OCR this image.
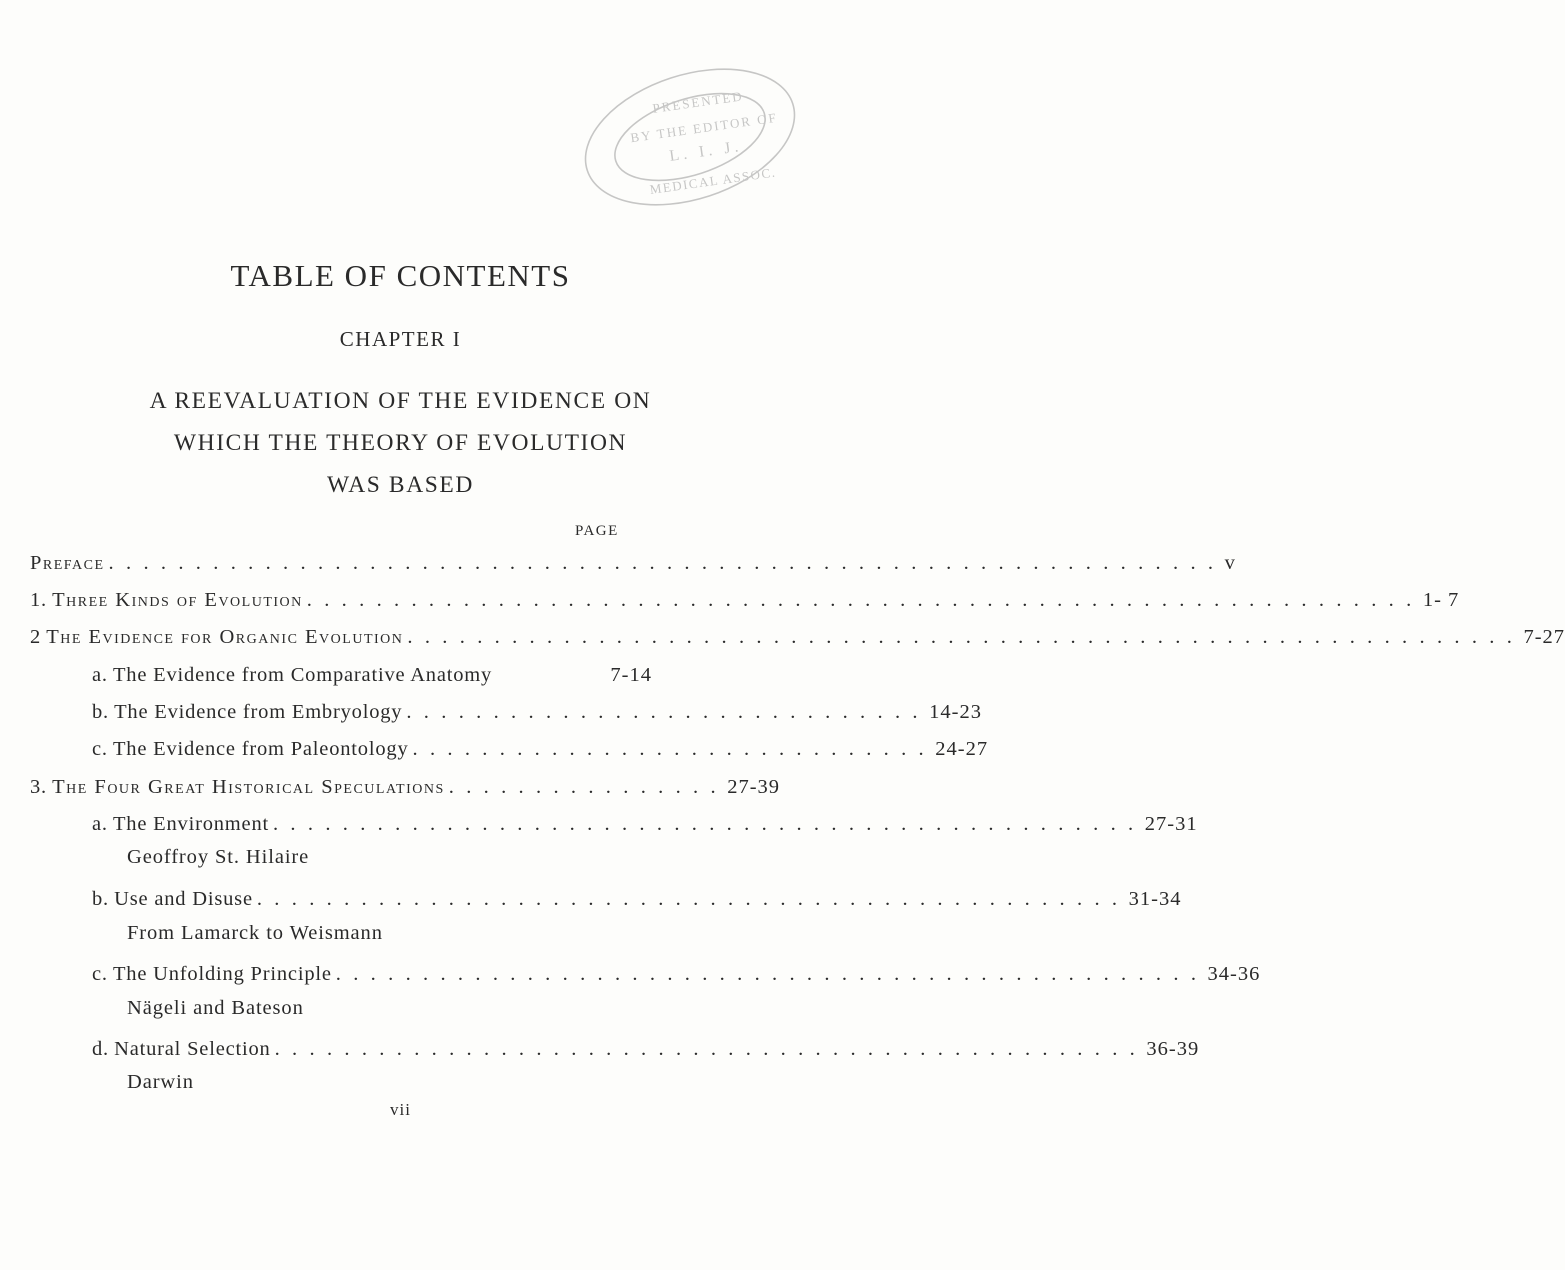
PRESENTED
BY THE EDITOR OF
L. I. J.
MEDICAL ASSOC.
TABLE OF CONTENTS
CHAPTER I
A REEVALUATION OF THE EVIDENCE ON
WHICH THE THEORY OF EVOLUTION
WAS BASED
PAGE
Preface . . . . . . . . . . . . . . . . . . . . . . . . . . . . . . . . . . . . . . . . . . . . . . . . . . . . . . . . . . . . . . . . v
1.
Three Kinds of Evolution . . . . . . . . . . . . . . . . . . . . . . . . . . . . . . . . . . . . . . . . . . . . . . . . . . . . . . . . . . . . . . . . 1- 7
2
The Evidence for Organic Evolution . . . . . . . . . . . . . . . . . . . . . . . . . . . . . . . . . . . . . . . . . . . . . . . . . . . . . . . . . . . . . . . . 7-27
a.
The Evidence from Comparative Anatomy	7-14
b.
The Evidence from Embryology . . . . . . . . . . . . . . . . . . . . . . . . . . . . . . 14-23
c.
The Evidence from Paleontology . . . . . . . . . . . . . . . . . . . . . . . . . . . . . . 24-27
3.
The Four Great Historical Speculations . . . . . . . . . . . . . . . . 27-39
a.
The Environment . . . . . . . . . . . . . . . . . . . . . . . . . . . . . . . . . . . . . . . . . . . . . . . . . . 27-31
Geoffroy St. Hilaire
b.
Use and Disuse . . . . . . . . . . . . . . . . . . . . . . . . . . . . . . . . . . . . . . . . . . . . . . . . . . 31-34
From Lamarck to Weismann
c.
The Unfolding Principle . . . . . . . . . . . . . . . . . . . . . . . . . . . . . . . . . . . . . . . . . . . . . . . . . . 34-36
Nägeli and Bateson
d.
Natural Selection . . . . . . . . . . . . . . . . . . . . . . . . . . . . . . . . . . . . . . . . . . . . . . . . . . 36-39
Darwin
vii
